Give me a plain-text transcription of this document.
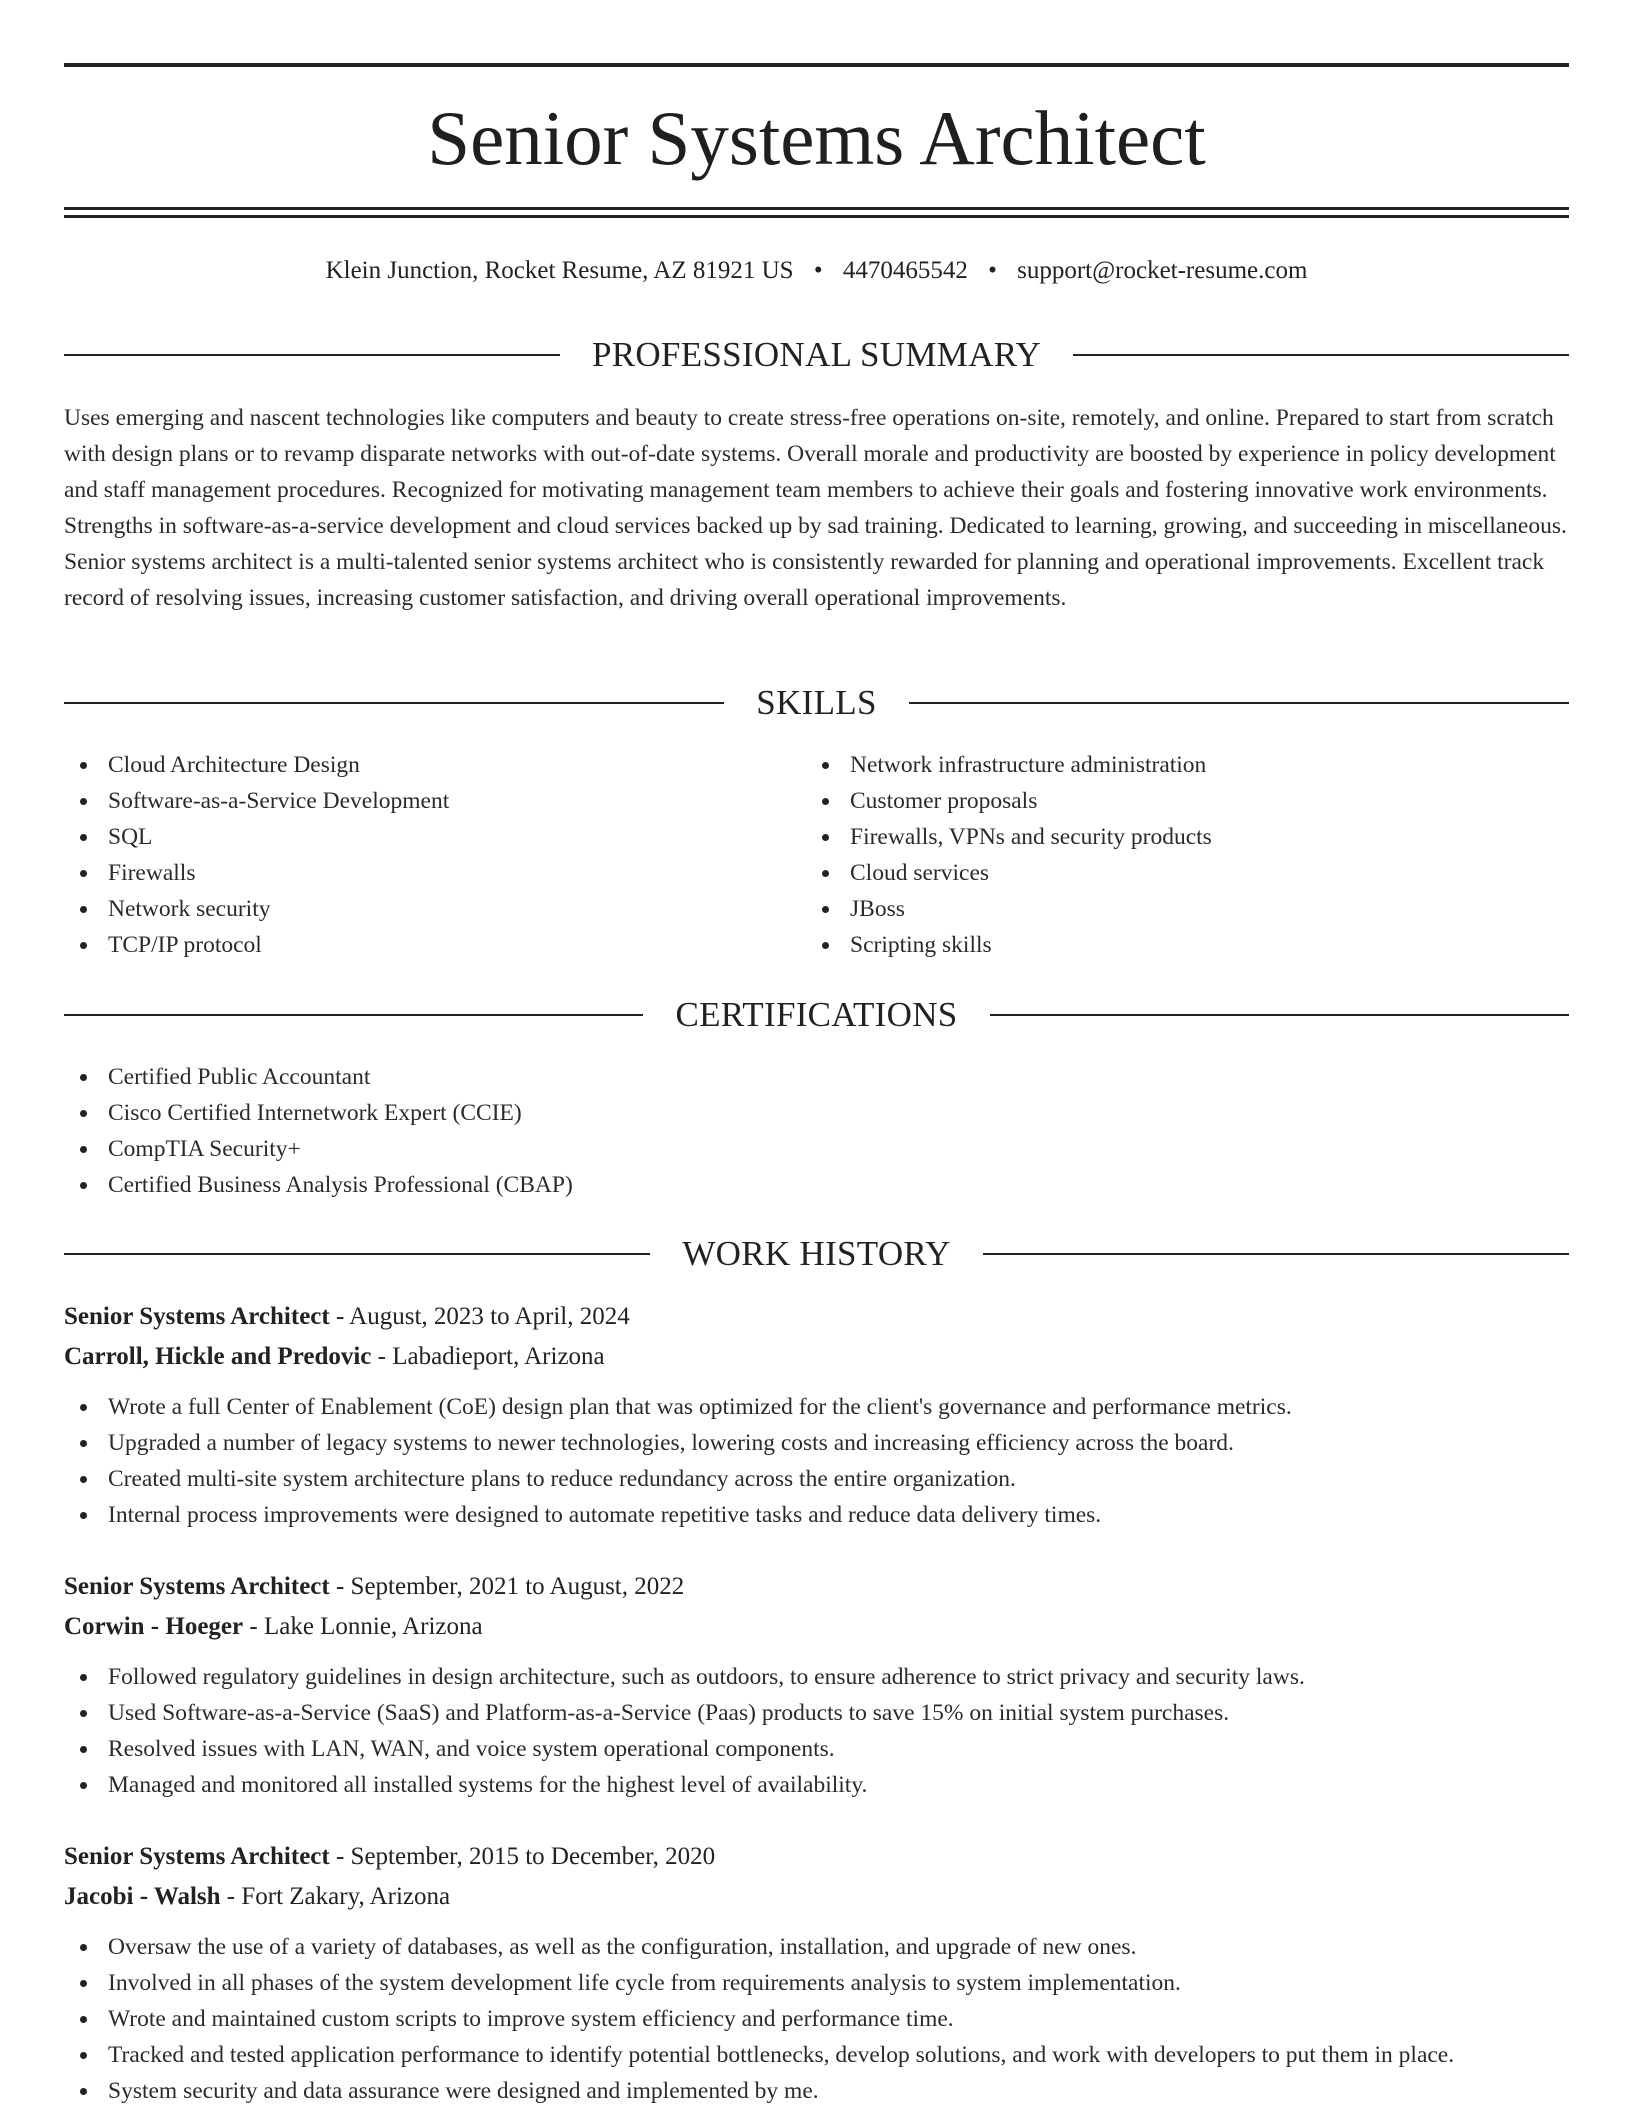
Senior Systems Architect
Klein Junction, Rocket Resume, AZ 81921 US • 4470465542 • support@rocket-resume.com
PROFESSIONAL SUMMARY

Uses emerging and nascent technologies like computers and beauty to create stress-free operations on-site, remotely, and online. Prepared to start from scratch with design plans or to revamp disparate networks with out-of-date systems. Overall morale and productivity are boosted by experience in policy development and staff management procedures. Recognized for motivating management team members to achieve their goals and fostering innovative work environments. Strengths in software-as-a-service development and cloud services backed up by sad training. Dedicated to learning, growing, and succeeding in miscellaneous. Senior systems architect is a multi-talented senior systems architect who is consistently rewarded for planning and operational improvements. Excellent track record of resolving issues, increasing customer satisfaction, and driving overall operational improvements.

SKILLS
Cloud Architecture Design
Software-as-a-Service Development
SQL
Firewalls
Network security
TCP/IP protocol
Network infrastructure administration
Customer proposals
Firewalls, VPNs and security products
Cloud services
JBoss
Scripting skills
CERTIFICATIONS
Certified Public Accountant
Cisco Certified Internetwork Expert (CCIE)
CompTIA Security+
Certified Business Analysis Professional (CBAP)
WORK HISTORY
Senior Systems Architect - August, 2023 to April, 2024
Carroll, Hickle and Predovic - Labadieport, Arizona
Wrote a full Center of Enablement (CoE) design plan that was optimized for the client's governance and performance metrics.
Upgraded a number of legacy systems to newer technologies, lowering costs and increasing efficiency across the board.
Created multi-site system architecture plans to reduce redundancy across the entire organization.
Internal process improvements were designed to automate repetitive tasks and reduce data delivery times.
Senior Systems Architect - September, 2021 to August, 2022
Corwin - Hoeger - Lake Lonnie, Arizona
Followed regulatory guidelines in design architecture, such as outdoors, to ensure adherence to strict privacy and security laws.
Used Software-as-a-Service (SaaS) and Platform-as-a-Service (Paas) products to save 15% on initial system purchases.
Resolved issues with LAN, WAN, and voice system operational components.
Managed and monitored all installed systems for the highest level of availability.
Senior Systems Architect - September, 2015 to December, 2020
Jacobi - Walsh - Fort Zakary, Arizona
Oversaw the use of a variety of databases, as well as the configuration, installation, and upgrade of new ones.
Involved in all phases of the system development life cycle from requirements analysis to system implementation.
Wrote and maintained custom scripts to improve system efficiency and performance time.
Tracked and tested application performance to identify potential bottlenecks, develop solutions, and work with developers to put them in place.
System security and data assurance were designed and implemented by me.
